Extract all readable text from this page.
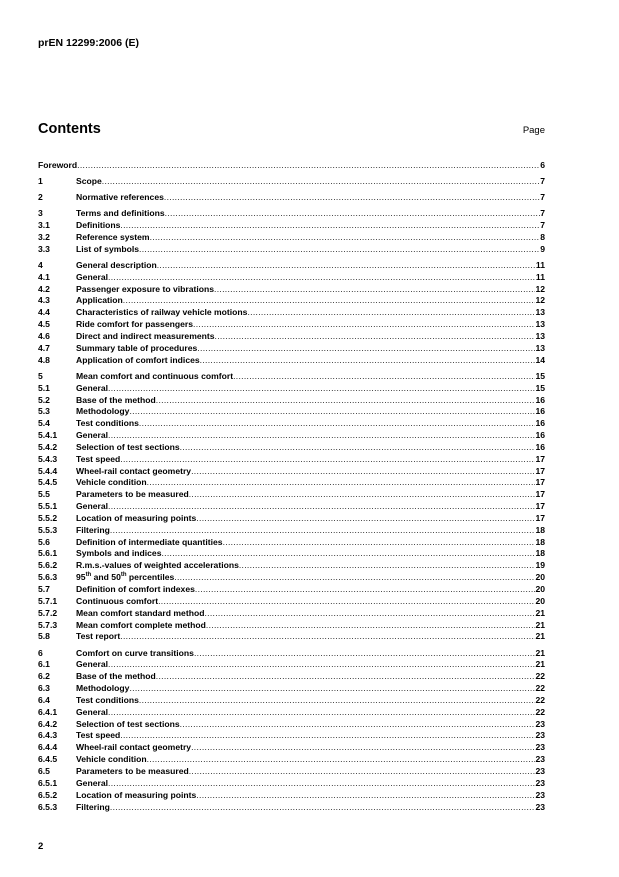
prEN 12299:2006 (E)
Contents	Page
Foreword .....	6
1	Scope .....	7
2	Normative references .....	7
3	Terms and definitions .....	7
3.1	Definitions .....	7
3.2	Reference system .....	8
3.3	List of symbols .....	9
4	General description .....	11
4.1	General .....	11
4.2	Passenger exposure to vibrations .....	12
4.3	Application .....	12
4.4	Characteristics of railway vehicle motions .....	13
4.5	Ride comfort for passengers .....	13
4.6	Direct and indirect measurements .....	13
4.7	Summary table of procedures .....	13
4.8	Application of comfort indices .....	14
5	Mean comfort and continuous comfort .....	15
5.1	General .....	15
5.2	Base of the method .....	16
5.3	Methodology .....	16
5.4	Test conditions .....	16
5.4.1	General .....	16
5.4.2	Selection of test sections .....	16
5.4.3	Test speed .....	17
5.4.4	Wheel-rail contact geometry .....	17
5.4.5	Vehicle condition .....	17
5.5	Parameters to be measured .....	17
5.5.1	General .....	17
5.5.2	Location of measuring points .....	17
5.5.3	Filtering .....	18
5.6	Definition of intermediate quantities .....	18
5.6.1	Symbols and indices .....	18
5.6.2	R.m.s.-values of weighted accelerations .....	19
5.6.3	95th and 50th percentiles .....	20
5.7	Definition of comfort indexes .....	20
5.7.1	Continuous comfort .....	20
5.7.2	Mean comfort standard method .....	21
5.7.3	Mean comfort complete method .....	21
5.8	Test report .....	21
6	Comfort on curve transitions .....	21
6.1	General .....	21
6.2	Base of the method .....	22
6.3	Methodology .....	22
6.4	Test conditions .....	22
6.4.1	General .....	22
6.4.2	Selection of test sections .....	23
6.4.3	Test speed .....	23
6.4.4	Wheel-rail contact geometry .....	23
6.4.5	Vehicle condition .....	23
6.5	Parameters to be measured .....	23
6.5.1	General .....	23
6.5.2	Location of measuring points .....	23
6.5.3	Filtering .....	23
2
